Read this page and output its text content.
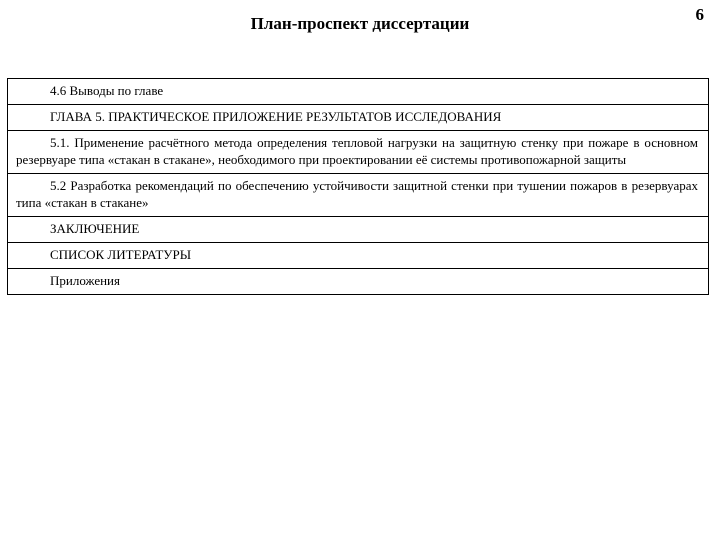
План-проспект диссертации	6
4.6 Выводы по главе
ГЛАВА 5. ПРАКТИЧЕСКОЕ ПРИЛОЖЕНИЕ РЕЗУЛЬТАТОВ ИССЛЕДОВАНИЯ
5.1. Применение расчётного метода определения тепловой нагрузки на защитную стенку при пожаре в основном резервуаре типа «стакан в стакане», необходимого при проектировании её системы противопожарной защиты
5.2 Разработка рекомендаций по обеспечению устойчивости защитной стенки при тушении пожаров в резервуарах типа «стакан в стакане»
ЗАКЛЮЧЕНИЕ
СПИСОК ЛИТЕРАТУРЫ
Приложения
